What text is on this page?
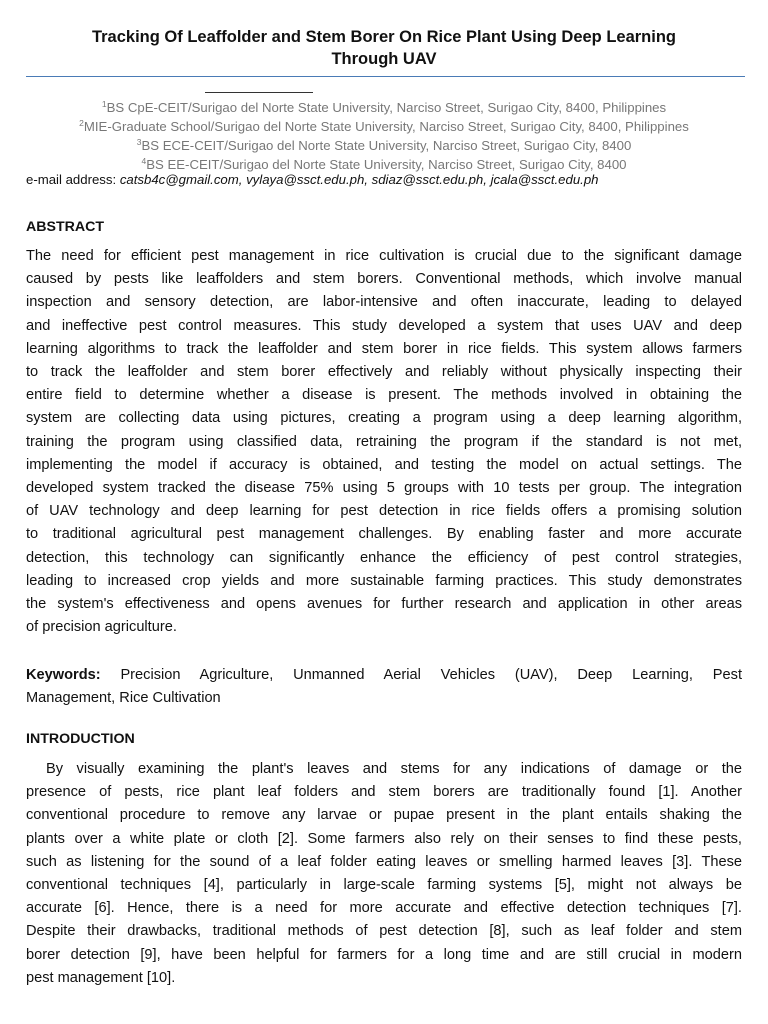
Tracking Of Leaffolder and Stem Borer On Rice Plant Using Deep Learning
Through UAV
$^1$BS CpE-CEIT/Surigao del Norte State University, Narciso Street, Surigao City, 8400, Philippines
$^2$MIE-Graduate School/Surigao del Norte State University, Narciso Street, Surigao City, 8400, Philippines
$^3$BS ECE-CEIT/Surigao del Norte State University, Narciso Street, Surigao City, 8400
$^4$BS EE-CEIT/Surigao del Norte State University, Narciso Street, Surigao City, 8400
e-mail address: catsb4c@gmail.com, vylaya@ssct.edu.ph, sdiaz@ssct.edu.ph, jcala@ssct.edu.ph
ABSTRACT
The need for efficient pest management in rice cultivation is crucial due to the significant damage
caused by pests like leaffolders and stem borers. Conventional methods, which involve manual
inspection and sensory detection, are labor-intensive and often inaccurate, leading to delayed
and ineffective pest control measures. This study developed a system that uses UAV and deep
learning algorithms to track the leaffolder and stem borer in rice fields. This system allows farmers
to track the leaffolder and stem borer effectively and reliably without physically inspecting their
entire field to determine whether a disease is present. The methods involved in obtaining the
system are collecting data using pictures, creating a program using a deep learning algorithm,
training the program using classified data, retraining the program if the standard is not met,
implementing the model if accuracy is obtained, and testing the model on actual settings. The
developed system tracked the disease 75% using 5 groups with 10 tests per group. The integration
of UAV technology and deep learning for pest detection in rice fields offers a promising solution
to traditional agricultural pest management challenges. By enabling faster and more accurate
detection, this technology can significantly enhance the efficiency of pest control strategies,
leading to increased crop yields and more sustainable farming practices. This study demonstrates
the system's effectiveness and opens avenues for further research and application in other areas
of precision agriculture.
Keywords: Precision Agriculture, Unmanned Aerial Vehicles (UAV), Deep Learning, Pest
Management, Rice Cultivation
INTRODUCTION
By visually examining the plant's leaves and stems for any indications of damage or the
presence of pests, rice plant leaf folders and stem borers are traditionally found [1]. Another
conventional procedure to remove any larvae or pupae present in the plant entails shaking the
plants over a white plate or cloth [2]. Some farmers also rely on their senses to find these pests,
such as listening for the sound of a leaf folder eating leaves or smelling harmed leaves [3]. These
conventional techniques [4], particularly in large-scale farming systems [5], might not always be
accurate [6]. Hence, there is a need for more accurate and effective detection techniques [7].
Despite their drawbacks, traditional methods of pest detection [8], such as leaf folder and stem
borer detection [9], have been helpful for farmers for a long time and are still crucial in modern
pest management [10].
